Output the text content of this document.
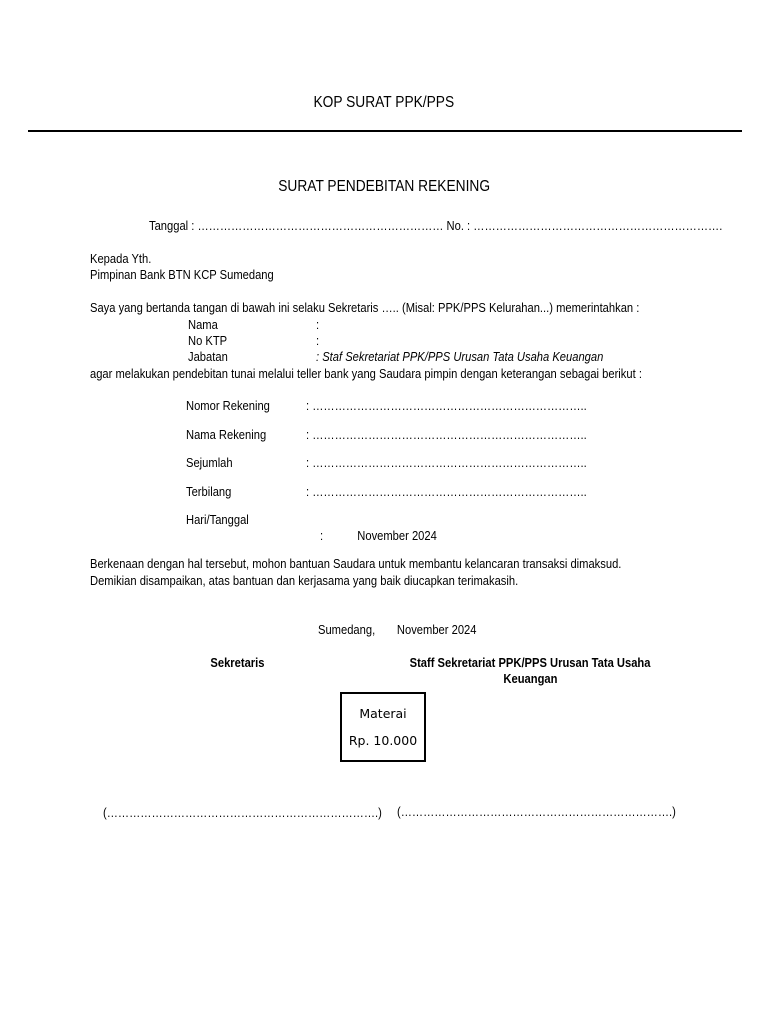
KOP SURAT PPK/PPS
SURAT PENDEBITAN REKENING
Tanggal : ………………………………………………………… No. : ………………………………………………………….
Kepada Yth.
Pimpinan Bank BTN KCP Sumedang
Saya yang bertanda tangan di bawah ini selaku Sekretaris ….. (Misal: PPK/PPS Kelurahan...) memerintahkan :
Nama	:
No KTP	:
Jabatan	: Staf Sekretariat PPK/PPS Urusan Tata Usaha Keuangan
agar melakukan pendebitan tunai melalui teller bank yang Saudara pimpin dengan keterangan sebagai berikut :
Nomor Rekening	: ………………………………………………………………..
Nama Rekening	: ………………………………………………………………..
Sejumlah	: ………………………………………………………………..
Terbilang	: ………………………………………………………………..
Hari/Tanggal

:           November 2024

Berkenaan dengan hal tersebut, mohon bantuan Saudara untuk membantu kelancaran transaksi dimaksud.
Demikian disampaikan, atas bantuan dan kerjasama yang baik diucapkan terimakasih.

Sumedang,       November 2024

Sekretaris	Staff Sekretariat PPK/PPS Urusan Tata Usaha
Keuangan
Materai
Rp. 10.000
(……………………………………………………………….)	(……………………………………………………………….)
